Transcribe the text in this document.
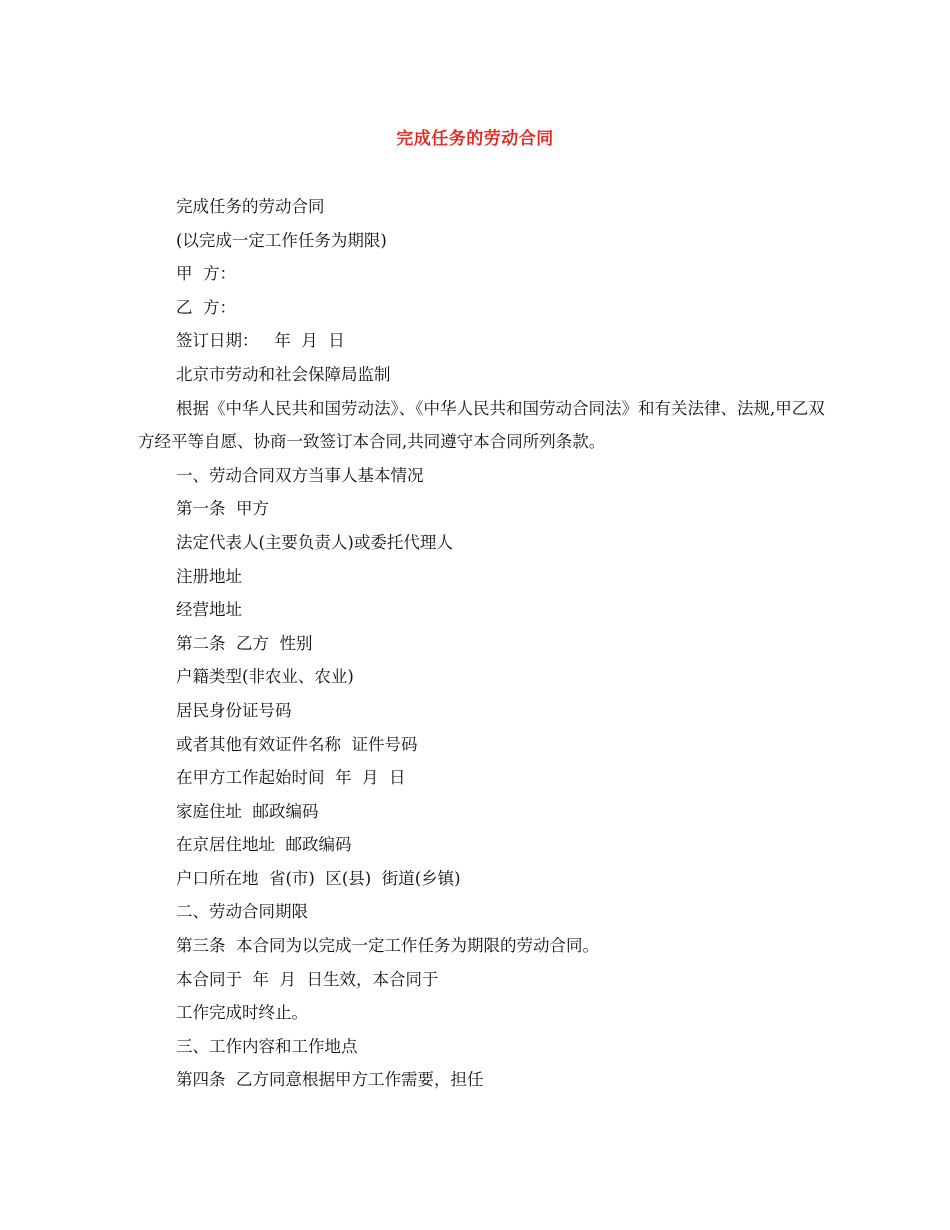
完成任务的劳动合同

完成任务的劳动合同

(以完成一定工作任务为期限)

甲  方：

乙  方：

签订日期：   年  月  日

北京市劳动和社会保障局监制

根据《中华人民共和国劳动法》、《中华人民共和国劳动合同法》和有关法律、法规,甲乙双方经平等自愿、协商一致签订本合同,共同遵守本合同所列条款。

一、劳动合同双方当事人基本情况

第一条  甲方

法定代表人(主要负责人)或委托代理人

注册地址

经营地址

第二条  乙方  性别

户籍类型(非农业、农业)

居民身份证号码

或者其他有效证件名称  证件号码

在甲方工作起始时间  年  月  日

家庭住址  邮政编码

在京居住地址  邮政编码

户口所在地  省(市)  区(县)  街道(乡镇)

二、劳动合同期限

第三条  本合同为以完成一定工作任务为期限的劳动合同。

本合同于  年  月  日生效，本合同于

工作完成时终止。

三、工作内容和工作地点

第四条  乙方同意根据甲方工作需要，担任
